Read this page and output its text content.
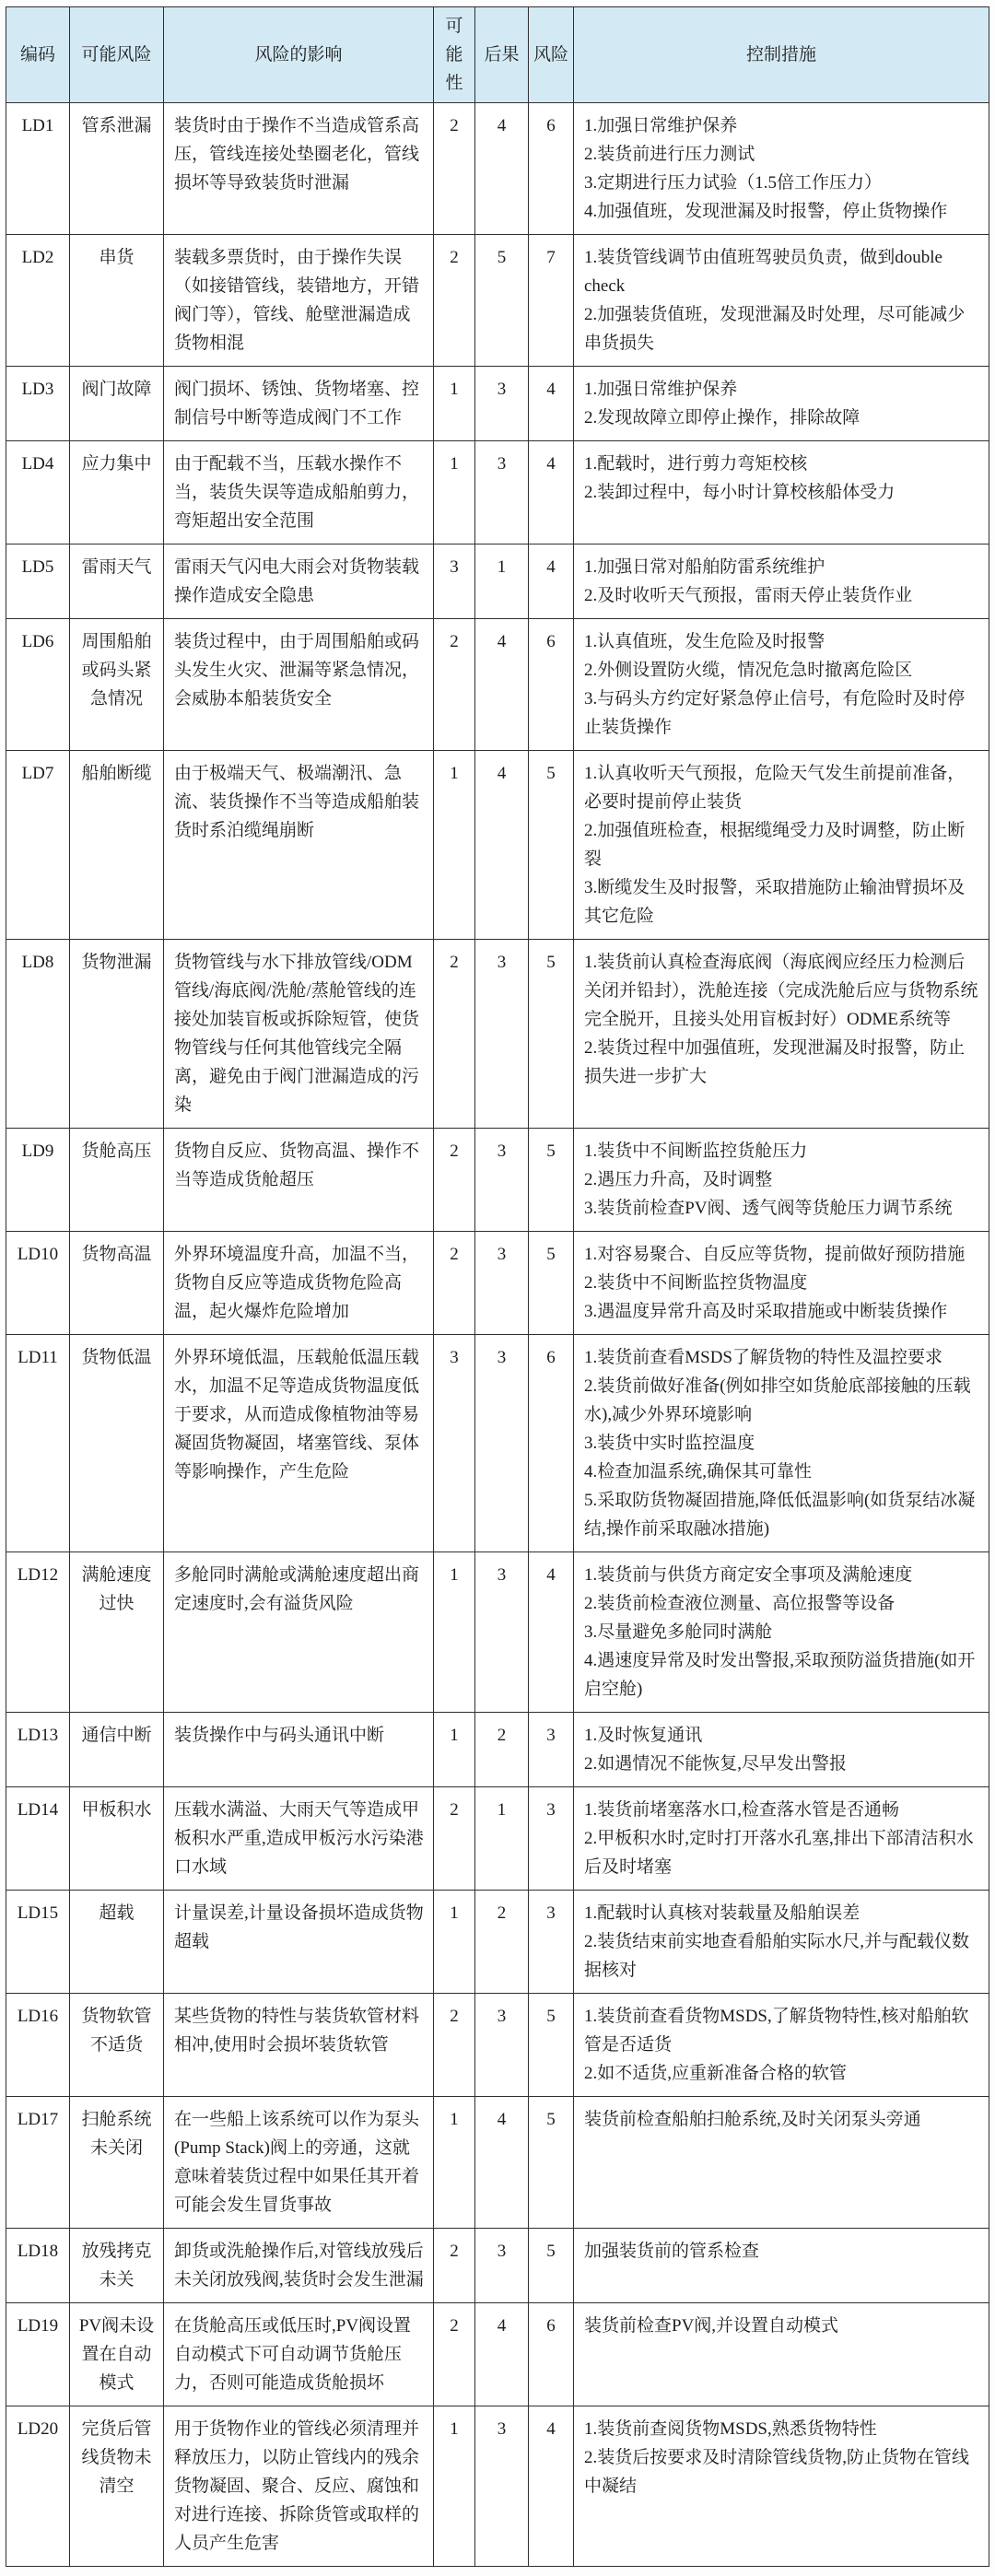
编码	可能风险	风险的影响	可能性	后果	风险	控制措施
LD1	管系泄漏	装货时由于操作不当造成管系高压，管线连接处垫圈老化，管线损坏等导致装货时泄漏	2	4	6	1.加强日常维护保养
2.装货前进行压力测试
3.定期进行压力试验（1.5倍工作压力）
4.加强值班，发现泄漏及时报警，停止货物操作

LD2	串货	装载多票货时，由于操作失误（如接错管线，装错地方，开错阀门等），管线、舱壁泄漏造成货物相混	2	5	7	1.装货管线调节由值班驾驶员负责，做到double check
2.加强装货值班，发现泄漏及时处理，尽可能减少串货损失

LD3	阀门故障	阀门损坏、锈蚀、货物堵塞、控制信号中断等造成阀门不工作	1	3	4	1.加强日常维护保养
2.发现故障立即停止操作，排除故障

LD4	应力集中	由于配载不当，压载水操作不当，装货失误等造成船舶剪力，弯矩超出安全范围	1	3	4	1.配载时，进行剪力弯矩校核
2.装卸过程中，每小时计算校核船体受力

LD5	雷雨天气	雷雨天气闪电大雨会对货物装载操作造成安全隐患	3	1	4	1.加强日常对船舶防雷系统维护
2.及时收听天气预报，雷雨天停止装货作业

LD6	周围船舶或码头紧急情况	装货过程中，由于周围船舶或码头发生火灾、泄漏等紧急情况，会威胁本船装货安全	2	4	6	1.认真值班，发生危险及时报警
2.外侧设置防火缆，情况危急时撤离危险区
3.与码头方约定好紧急停止信号，有危险时及时停止装货操作

LD7	船舶断缆	由于极端天气、极端潮汛、急流、装货操作不当等造成船舶装货时系泊缆绳崩断	1	4	5	1.认真收听天气预报，危险天气发生前提前准备，必要时提前停止装货
2.加强值班检查，根据缆绳受力及时调整，防止断裂
3.断缆发生及时报警，采取措施防止输油臂损坏及其它危险

LD8	货物泄漏	货物管线与水下排放管线/ODM管线/海底阀/洗舱/蒸舱管线的连接处加装盲板或拆除短管，使货物管线与任何其他管线完全隔离，避免由于阀门泄漏造成的污染	2	3	5	1.装货前认真检查海底阀（海底阀应经压力检测后关闭并铅封），洗舱连接（完成洗舱后应与货物系统完全脱开，且接头处用盲板封好）ODME系统等
2.装货过程中加强值班，发现泄漏及时报警，防止损失进一步扩大

LD9	货舱高压	货物自反应、货物高温、操作不当等造成货舱超压	2	3	5	1.装货中不间断监控货舱压力
2.遇压力升高，及时调整
3.装货前检查PV阀、透气阀等货舱压力调节系统

LD10	货物高温	外界环境温度升高，加温不当，货物自反应等造成货物危险高温，起火爆炸危险增加	2	3	5	1.对容易聚合、自反应等货物，提前做好预防措施
2.装货中不间断监控货物温度
3.遇温度异常升高及时采取措施或中断装货操作

LD11	货物低温	外界环境低温，压载舱低温压载水，加温不足等造成货物温度低于要求，从而造成像植物油等易凝固货物凝固，堵塞管线、泵体等影响操作，产生危险	3	3	6	1.装货前查看MSDS了解货物的特性及温控要求
2.装货前做好准备(例如排空如货舱底部接触的压载水),减少外界环境影响
3.装货中实时监控温度
4.检查加温系统,确保其可靠性
5.采取防货物凝固措施,降低低温影响(如货泵结冰凝结,操作前采取融冰措施)

LD12	满舱速度过快	多舱同时满舱或满舱速度超出商定速度时,会有溢货风险	1	3	4	1.装货前与供货方商定安全事项及满舱速度
2.装货前检查液位测量、高位报警等设备
3.尽量避免多舱同时满舱
4.遇速度异常及时发出警报,采取预防溢货措施(如开启空舱)

LD13	通信中断	装货操作中与码头通讯中断	1	2	3	1.及时恢复通讯
2.如遇情况不能恢复,尽早发出警报

LD14	甲板积水	压载水满溢、大雨天气等造成甲板积水严重,造成甲板污水污染港口水域	2	1	3	1.装货前堵塞落水口,检查落水管是否通畅
2.甲板积水时,定时打开落水孔塞,排出下部清洁积水后及时堵塞

LD15	超载	计量误差,计量设备损坏造成货物超载	1	2	3	1.配载时认真核对装载量及船舶误差
2.装货结束前实地查看船舶实际水尺,并与配载仪数据核对

LD16	货物软管不适货	某些货物的特性与装货软管材料相冲,使用时会损坏装货软管	2	3	5	1.装货前查看货物MSDS,了解货物特性,核对船舶软管是否适货
2.如不适货,应重新准备合格的软管

LD17	扫舱系统未关闭	在一些船上该系统可以作为泵头(Pump Stack)阀上的旁通，这就意味着装货过程中如果任其开着可能会发生冒货事故	1	4	5	装货前检查船舶扫舱系统,及时关闭泵头旁通

LD18	放残拷克未关	卸货或洗舱操作后,对管线放残后未关闭放残阀,装货时会发生泄漏	2	3	5	加强装货前的管系检查

LD19	PV阀未设置在自动模式	在货舱高压或低压时,PV阀设置自动模式下可自动调节货舱压力，否则可能造成货舱损坏	2	4	6	装货前检查PV阀,并设置自动模式

LD20	完货后管线货物未清空	用于货物作业的管线必须清理并释放压力，以防止管线内的残余货物凝固、聚合、反应、腐蚀和对进行连接、拆除货管或取样的人员产生危害	1	3	4	1.装货前查阅货物MSDS,熟悉货物特性
2.装货后按要求及时清除管线货物,防止货物在管线中凝结
